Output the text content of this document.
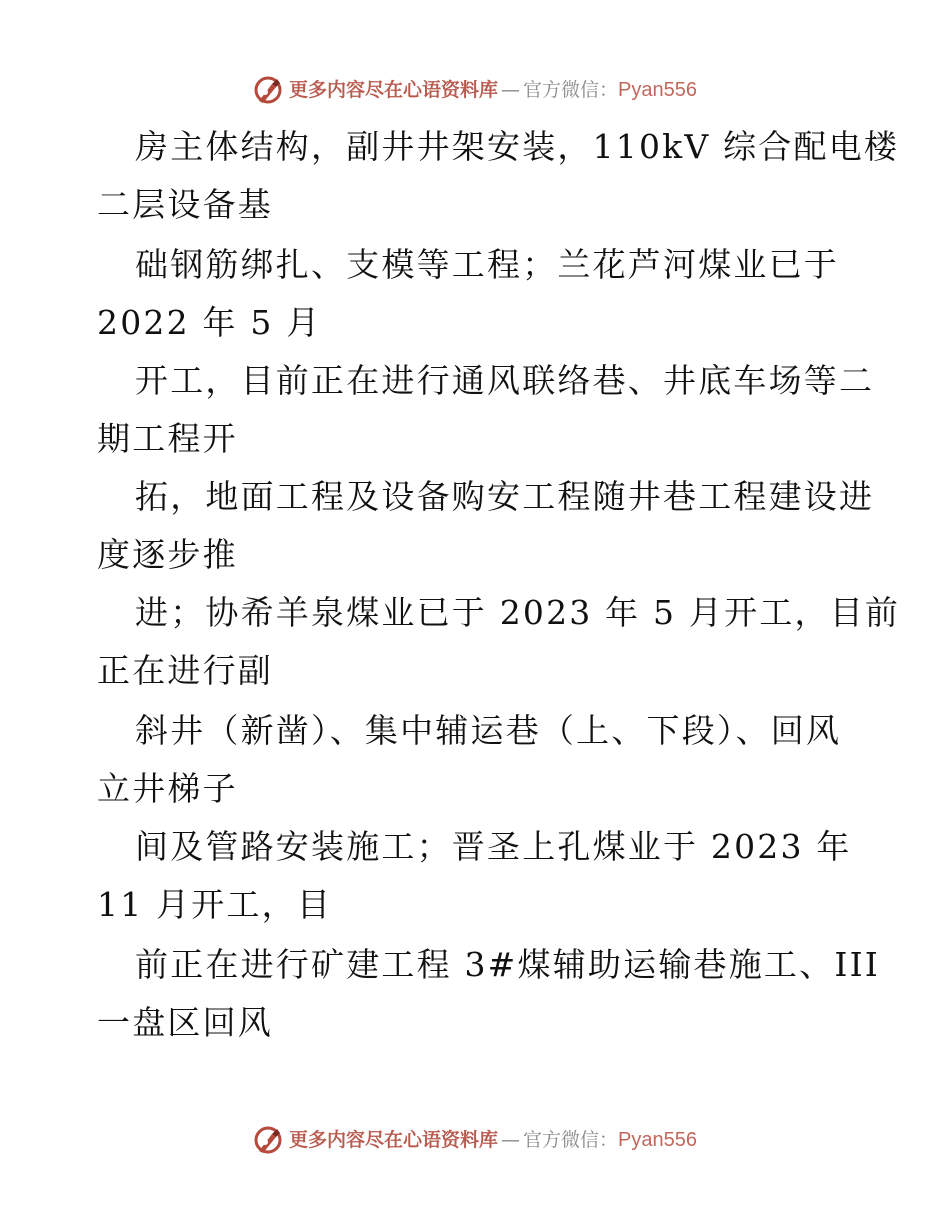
更多内容尽在心语资料库 — 官方微信： Pyan556
房主体结构，副井井架安装，110kV 综合配电楼
二层设备基
础钢筋绑扎、支模等工程；兰花芦河煤业已于
2022 年 5 月
开工，目前正在进行通风联络巷、井底车场等二
期工程开
拓，地面工程及设备购安工程随井巷工程建设进
度逐步推
进；协希羊泉煤业已于 2023 年 5 月开工，目前
正在进行副
斜井（新凿）、集中辅运巷（上、下段）、回风
立井梯子
间及管路安装施工；晋圣上孔煤业于 2023 年
11 月开工，目
前正在进行矿建工程 3#煤辅助运输巷施工、III
一盘区回风
更多内容尽在心语资料库 — 官方微信： Pyan556
